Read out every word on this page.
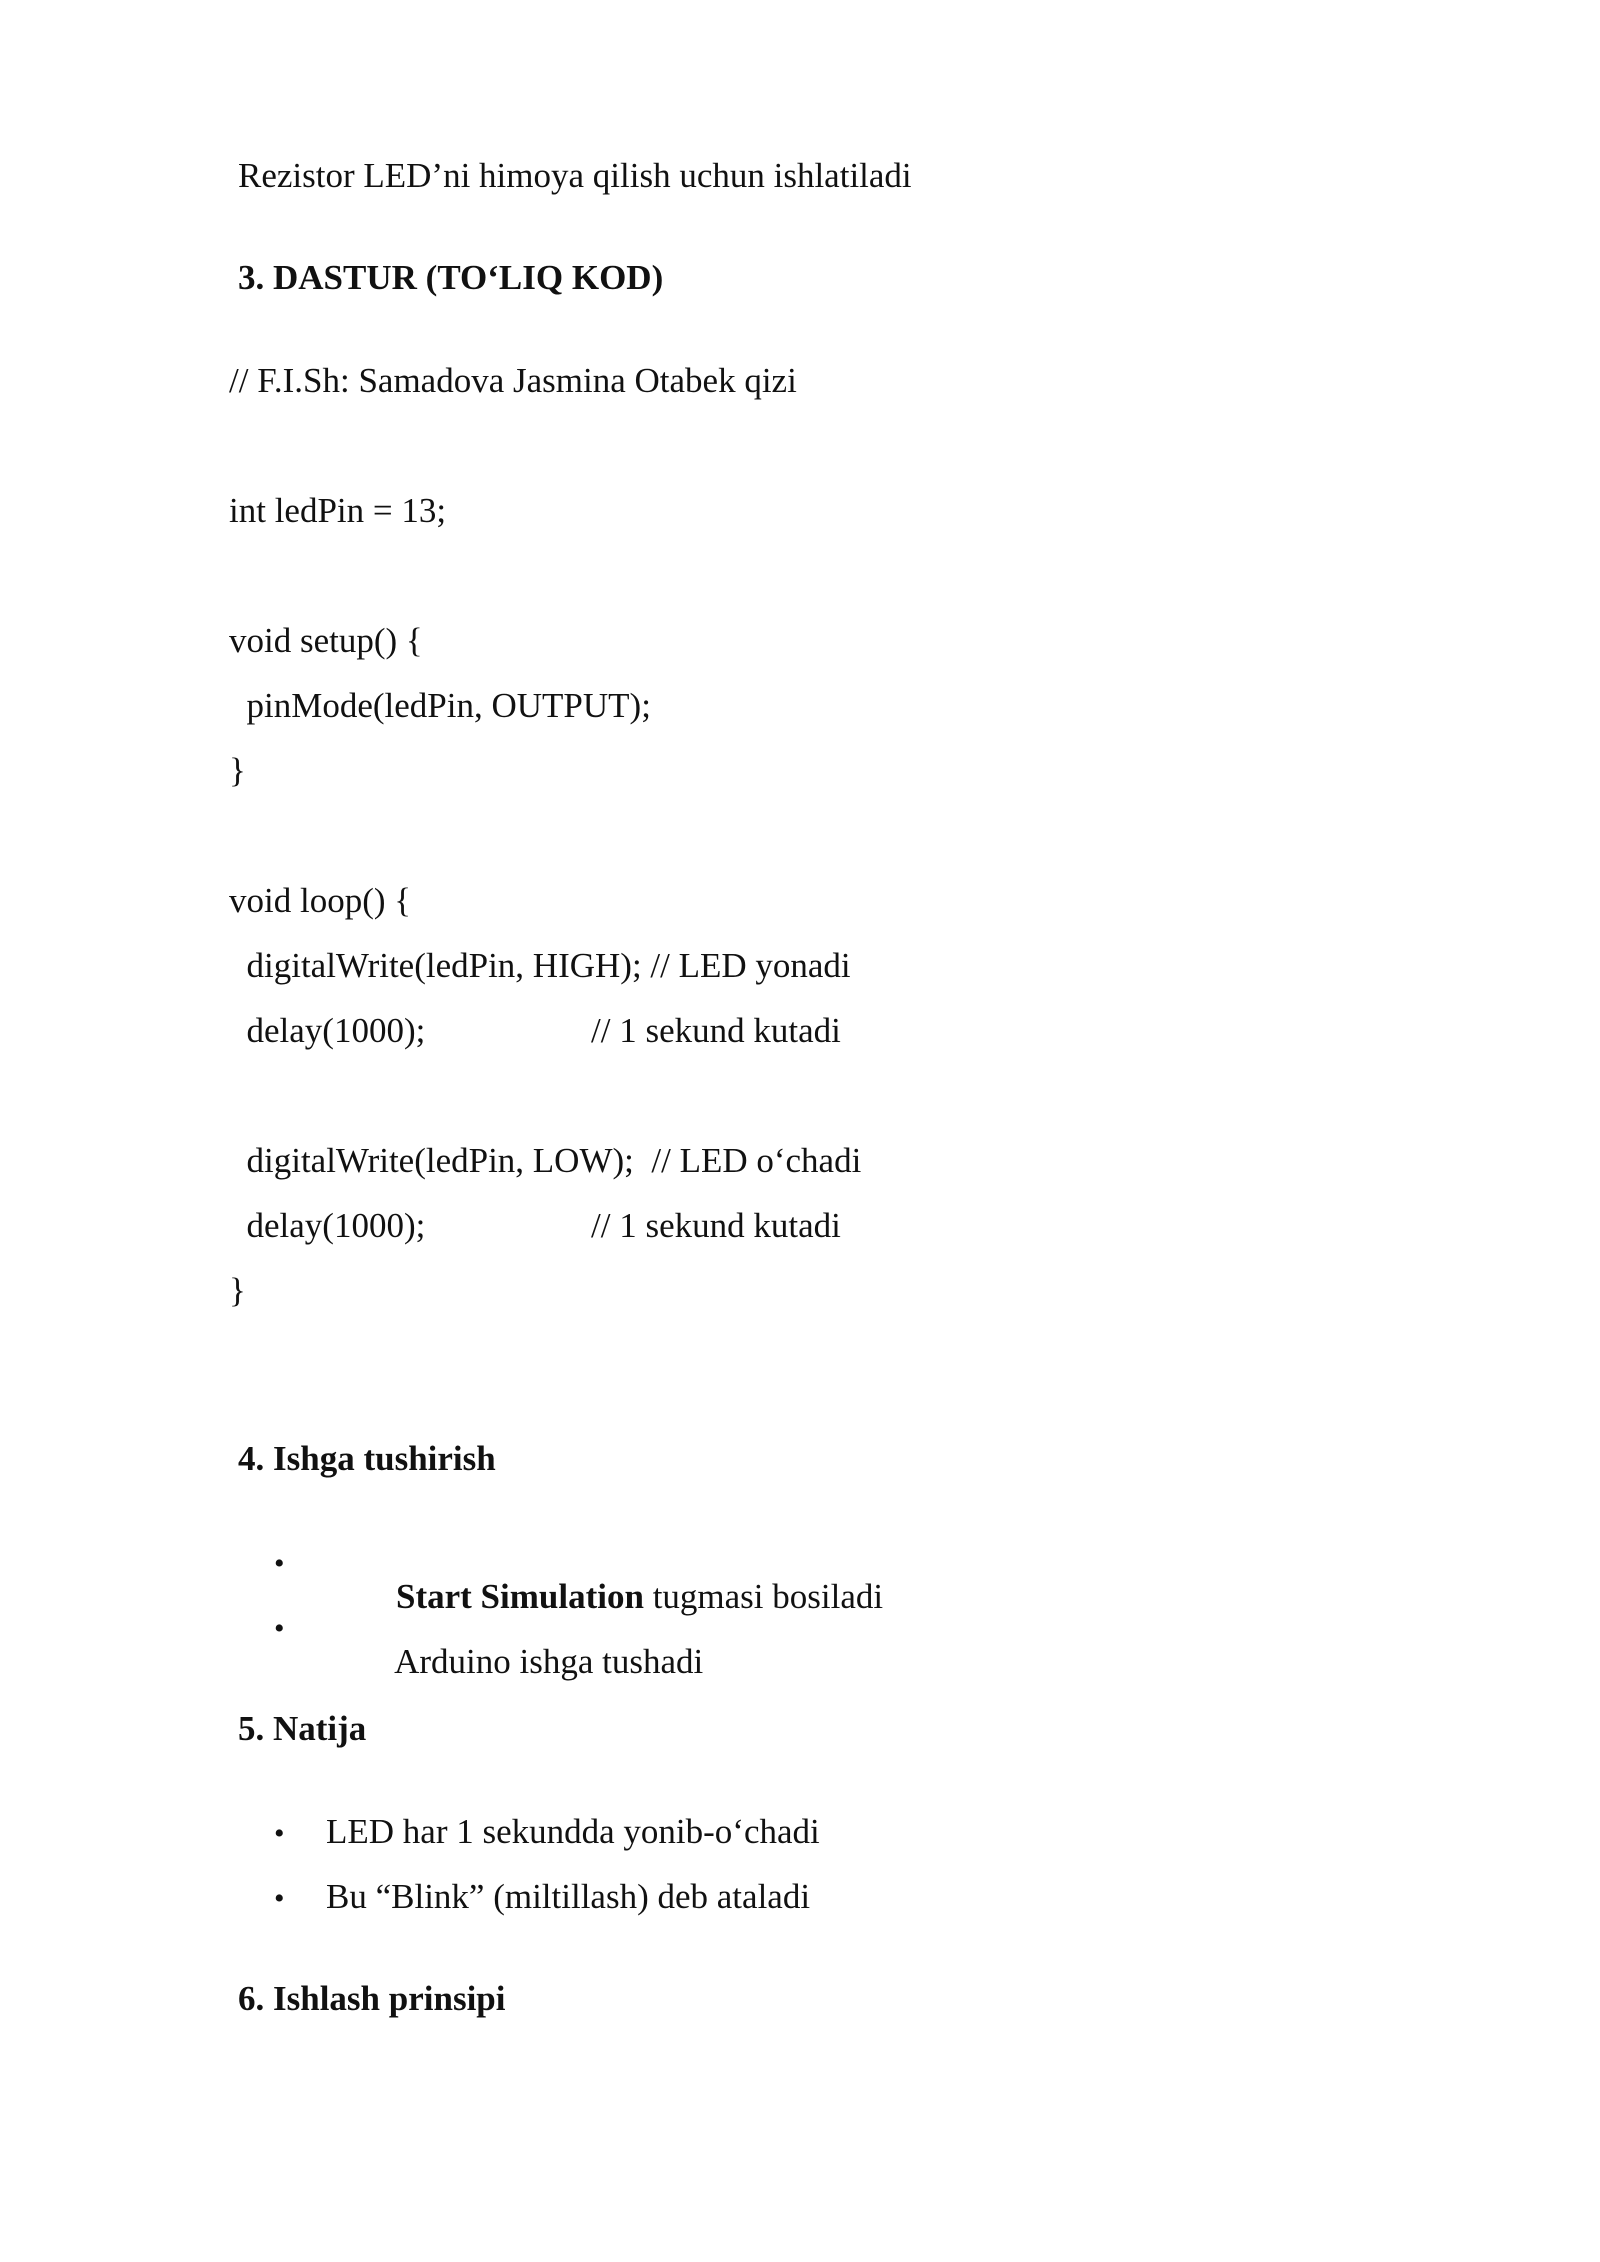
Rezistor LED’ni himoya qilish uchun ishlatiladi
3. DASTUR (TO‘LIQ KOD)
// F.I.Sh: Samadova Jasmina Otabek qizi
int ledPin = 13;
void setup() {
pinMode(ledPin, OUTPUT);
}
void loop() {
digitalWrite(ledPin, HIGH); // LED yonadi
delay(1000);	// 1 sekund kutadi
digitalWrite(ledPin, LOW);  // LED o‘chadi
delay(1000);	// 1 sekund kutadi
}
4. Ishga tushirish
•

Start Simulation tugmasi bosiladi

•

Arduino ishga tushadi

5. Natija
• LED har 1 sekundda yonib-o‘chadi
• Bu “Blink” (miltillash) deb ataladi
6. Ishlash prinsipi
